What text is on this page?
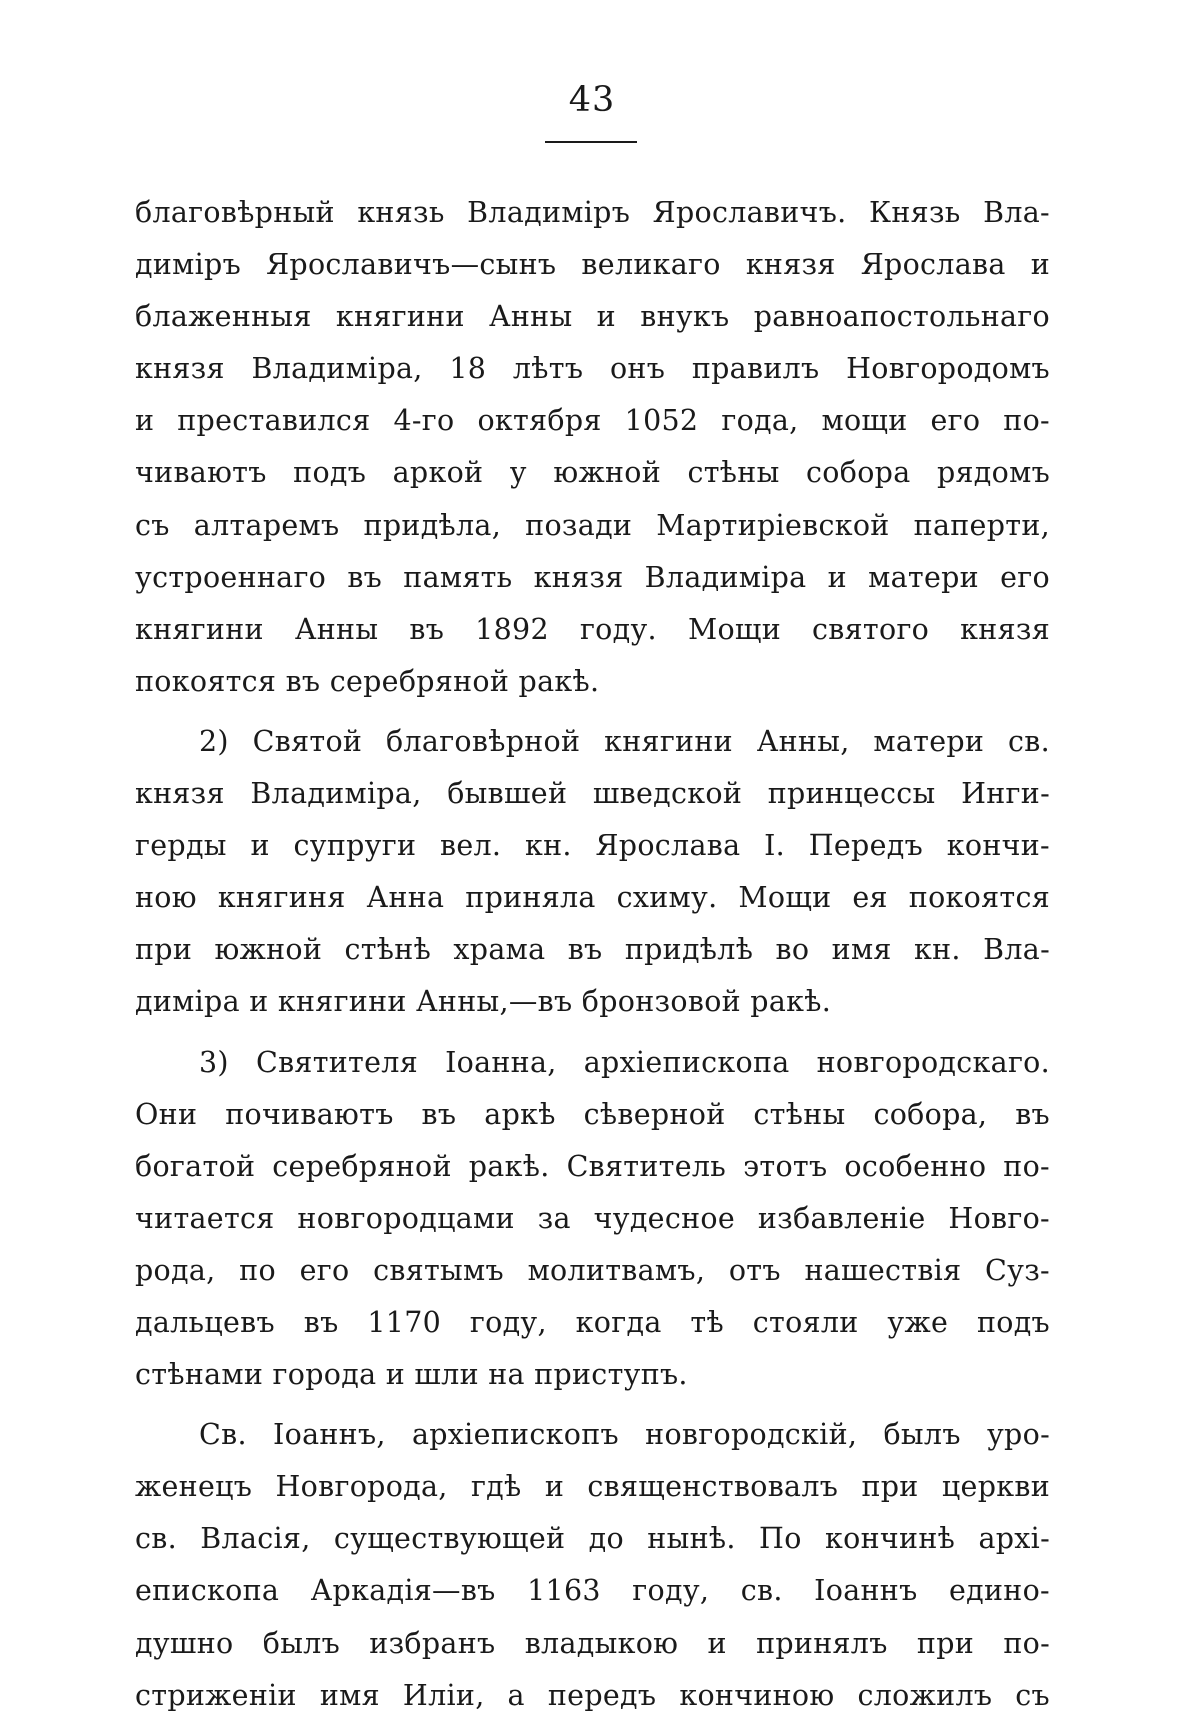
43
благовѣрный князь Владиміръ Ярославичъ. Князь Вла-
диміръ Ярославичъ—сынъ великаго князя Ярослава и
блаженныя княгини Анны и внукъ равноапостольнаго
князя Владиміра, 18 лѣтъ онъ правилъ Новгородомъ
и преставился 4-го октября 1052 года, мощи его по-
чиваютъ подъ аркой у южной стѣны собора рядомъ
съ алтаремъ придѣла, позади Мартиріевской паперти,
устроеннаго въ память князя Владиміра и матери его
княгини Анны въ 1892 году. Мощи святого князя
покоятся въ серебряной ракѣ.
2) Святой благовѣрной княгини Анны, матери св.
князя Владиміра, бывшей шведской принцессы Инги-
герды и супруги вел. кн. Ярослава I. Передъ кончи-
ною княгиня Анна приняла схиму. Мощи ея покоятся
при южной стѣнѣ храма въ придѣлѣ во имя кн. Вла-
диміра и княгини Анны,—въ бронзовой ракѣ.
3) Святителя Іоанна, архіепископа новгородскаго.
Они почиваютъ въ аркѣ сѣверной стѣны собора, въ
богатой серебряной ракѣ. Святитель этотъ особенно по-
читается новгородцами за чудесное избавленіе Новго-
рода, по его святымъ молитвамъ, отъ нашествія Суз-
дальцевъ въ 1170 году, когда тѣ стояли уже подъ
стѣнами города и шли на приступъ.
Св. Іоаннъ, архіепископъ новгородскій, былъ уро-
женецъ Новгорода, гдѣ и священствовалъ при церкви
св. Власія, существующей до нынѣ. По кончинѣ архі-
епископа Аркадія—въ 1163 году, св. Іоаннъ едино-
душно былъ избранъ владыкою и принялъ при по-
стриженіи имя Иліи, а передъ кончиною сложилъ съ
